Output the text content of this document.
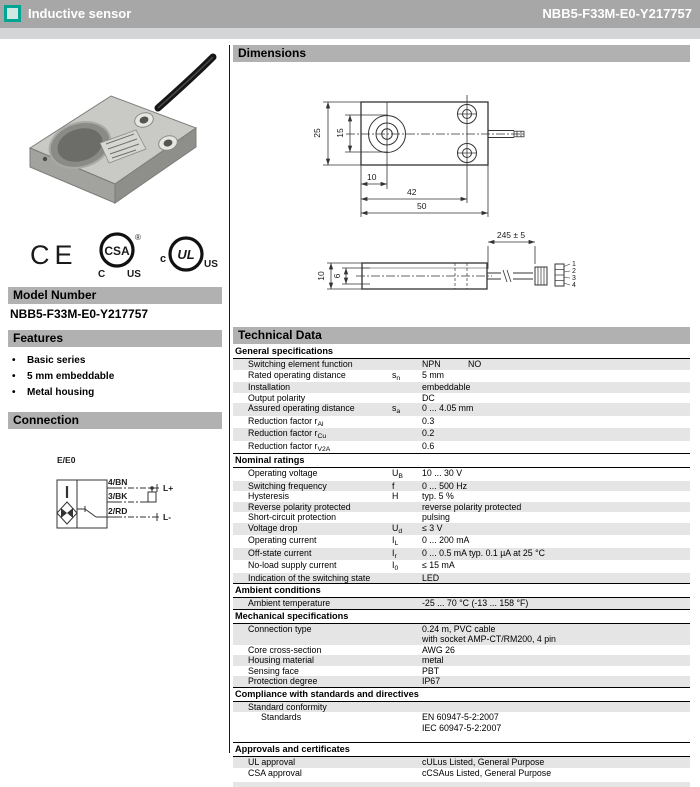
Inductive sensor	NBB5-F33M-E0-Y217757
CE CSA
®
C US
UL
c	US
Model Number
NBB5-F33M-E0-Y217757
Features
• Basic series
• 5 mm embeddable
• Metal housing
Connection
E/E0
4/BN
3/BK
2/RD
L+
L-
Dimensions
25 15
10
42
50
10 6
245 ± 5
1
2
3
4
Technical Data
General specifications
Switching element function	NPN	NO
Rated operating distance	$s_n$	5 mm
Installation	embeddable
Output polarity	DC
Assured operating distance	$s_a$	0 ... 4.05 mm
Reduction factor $r_{Al}$	0.3
Reduction factor $r_{Cu}$	0.2
Reduction factor $r_{V2A}$	0.6
Nominal ratings
Operating voltage	$U_B$	10 ... 30 V
Switching frequency	f	0 ... 500 Hz
Hysteresis	H	typ. 5 %
Reverse polarity protected	reverse polarity protected
Short-circuit protection	pulsing
Voltage drop	$U_d$	≤ 3 V
Operating current	$I_L$	0 ... 200 mA
Off-state current	$I_r$	0 ... 0.5 mA typ. 0.1 µA at 25 °C
No-load supply current	$I_0$	≤ 15 mA
Indication of the switching state	LED
Ambient conditions
Ambient temperature	-25 ... 70 °C (-13 ... 158 °F)
Mechanical specifications
Connection type	0.24 m, PVC cable
with socket AMP-CT/RM200, 4 pin
Core cross-section	AWG 26
Housing material	metal
Sensing face	PBT
Protection degree	IP67
Compliance with standards and directives
Standard conformity
Standards	EN 60947-5-2:2007
IEC 60947-5-2:2007
Approvals and certificates
UL approval	cULus Listed, General Purpose
CSA approval	cCSAus Listed, General Purpose
